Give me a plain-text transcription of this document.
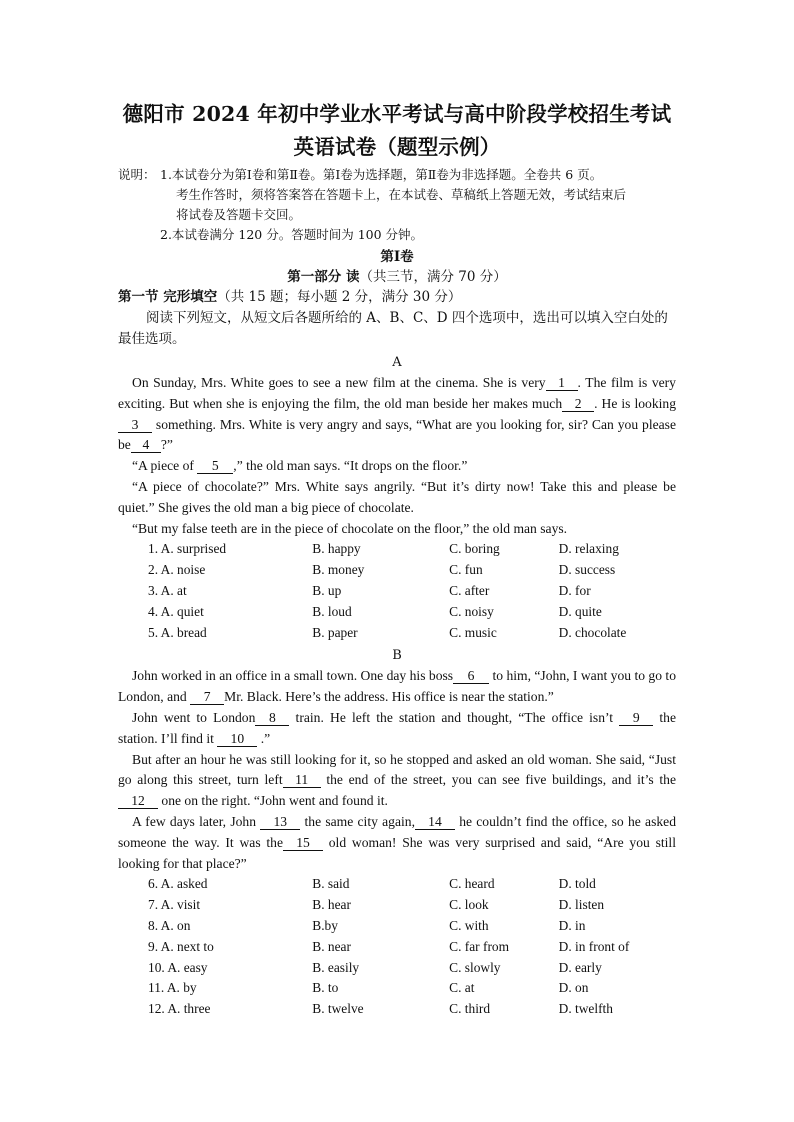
德阳市 2024 年初中学业水平考试与高中阶段学校招生考试
英语试卷（题型示例）
说明： 1.本试卷分为第Ⅰ卷和第Ⅱ卷。第Ⅰ卷为选择题，第Ⅱ卷为非选择题。全卷共 6 页。
考生作答时，须将答案答在答题卡上，在本试卷、草稿纸上答题无效，考试结束后
将试卷及答题卡交回。
2.本试卷满分 120 分。答题时间为 100 分钟。
第Ⅰ卷
第一部分 读（共三节，满分 70 分）
第一节 完形填空（共 15 题；每小题 2 分，满分 30 分）

阅读下列短文，从短文后各题所给的 A、B、C、D 四个选项中，选出可以填入空白处的最佳选项。

A

On Sunday, Mrs. White goes to see a new film at the cinema. She is very 1 . The film is very exciting. But when she is enjoying the film, the old man beside her makes much 2 . He is looking3 something. Mrs. White is very angry and says, “What are you looking for, sir? Can you please be 4 ?”

“A piece of 5 ,” the old man says. “It drops on the floor.”

“A piece of chocolate?” Mrs. White says angrily. “But it’s dirty now! Take this and please be quiet.” She gives the old man a big piece of chocolate.

“But my false teeth are in the piece of chocolate on the floor,” the old man says.

1. A. surprised	B. happy	C. boring	D. relaxing
2. A. noise	B. money	C. fun	D. success
3. A. at	B. up	C. after	D. for
4. A. quiet	B. loud	C. noisy	D. quite
5. A. bread	B. paper	C. music	D. chocolate
B

John worked in an office in a small town. One day his boss 6 to him, “John, I want you to go to London, and 7 Mr. Black. Here’s the address. His office is near the station.”

John went to London 8 train. He left the station and thought, “The office isn’t 9 the station. I’ll find it 10 .”

But after an hour he was still looking for it, so he stopped and asked an old woman. She said, “Just go along this street, turn left 11 the end of the street, you can see five buildings, and it’s the 12 one on the right. “John went and found it.

A few days later, John 13 the same city again, 14 he couldn’t find the office, so he asked someone the way. It was the 15 old woman! She was very surprised and said, “Are you still looking for that place?”

6. A. asked	B. said	C. heard	D. told
7. A. visit	B. hear	C. look	D. listen
8. A. on	B.by	C. with	D. in
9. A. next to	B. near	C. far from	D. in front of
10. A. easy	B. easily	C. slowly	D. early
11. A. by	B. to	C. at	D. on
12. A. three	B. twelve	C. third	D. twelfth
